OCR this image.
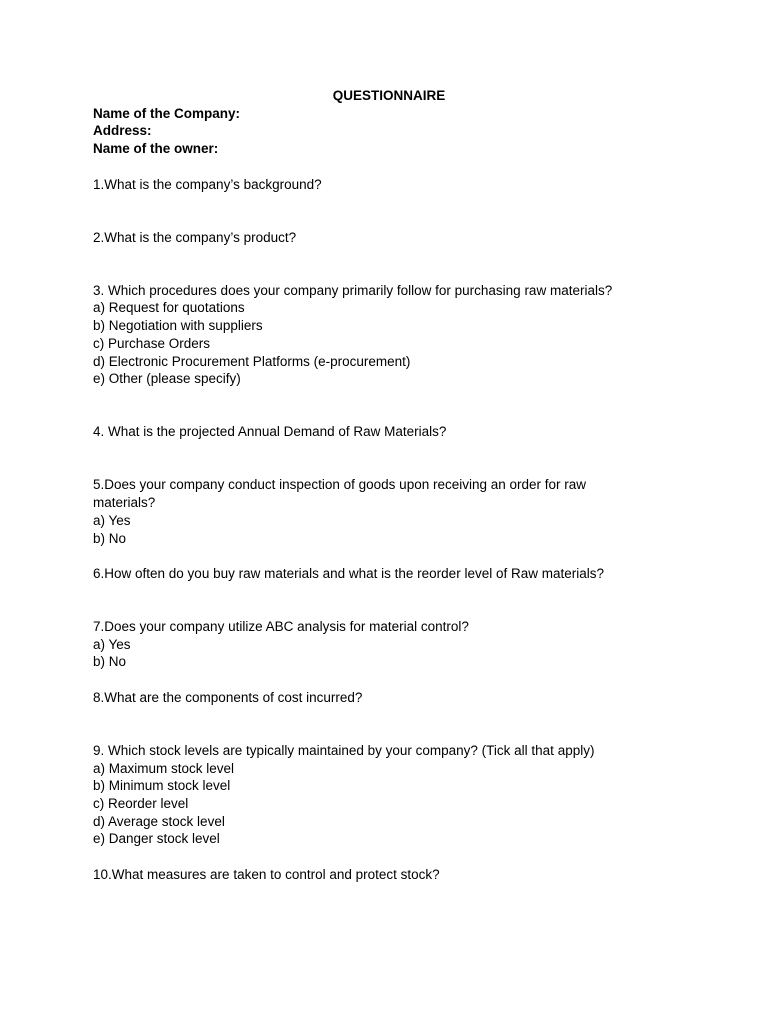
QUESTIONNAIRE

Name of the Company:

Address:

Name of the owner:

1.What is the company’s background?

2.What is the company’s product?

3. Which procedures does your company primarily follow for purchasing raw materials?

a) Request for quotations

b) Negotiation with suppliers

c) Purchase Orders

d) Electronic Procurement Platforms (e-procurement)

e) Other (please specify)

4. What is the projected Annual Demand of Raw Materials?

5.Does your company conduct inspection of goods upon receiving an order for raw materials?

a) Yes

b) No

6.How often do you buy raw materials and what is the reorder level of Raw materials?

7.Does your company utilize ABC analysis for material control?

a) Yes

b) No

8.What are the components of cost incurred?

9. Which stock levels are typically maintained by your company? (Tick all that apply)

a) Maximum stock level

b) Minimum stock level

c) Reorder level

d) Average stock level

e) Danger stock level

10.What measures are taken to control and protect stock?
